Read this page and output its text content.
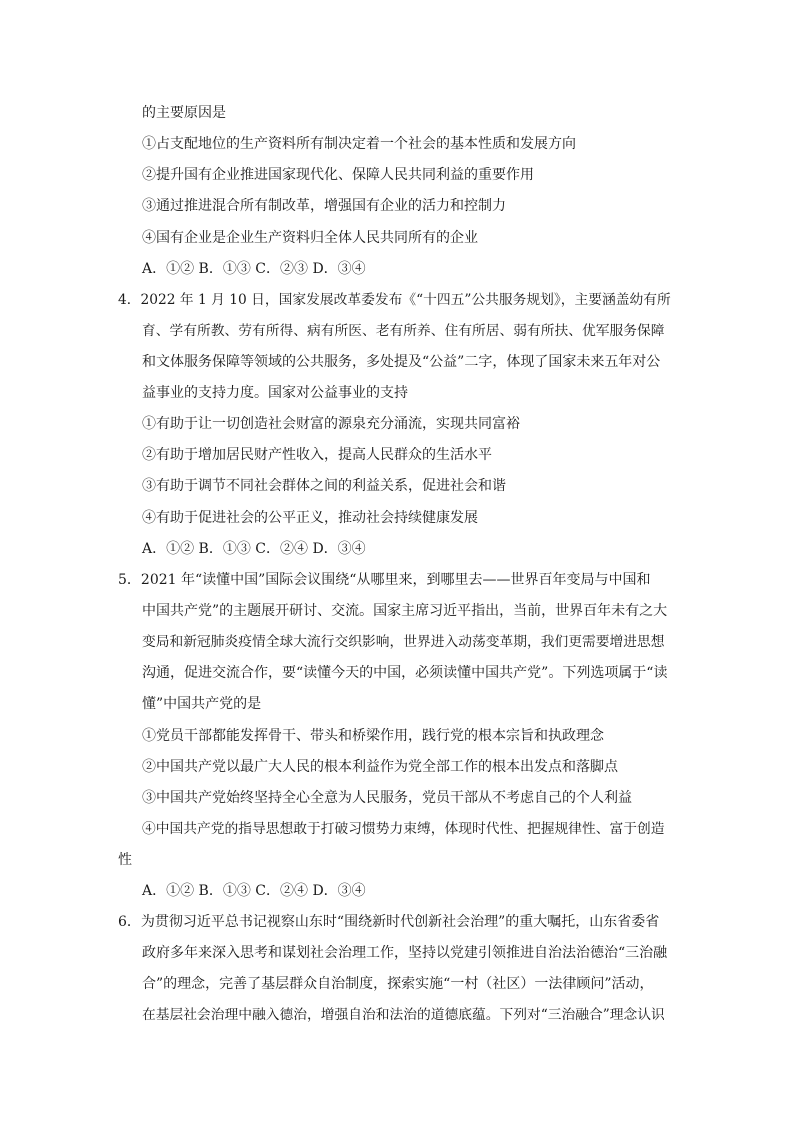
的主要原因是
①占支配地位的生产资料所有制决定着一个社会的基本性质和发展方向
②提升国有企业推进国家现代化、保障人民共同利益的重要作用
③通过推进混合所有制改革，增强国有企业的活力和控制力
④国有企业是企业生产资料归全体人民共同所有的企业
A．①② B．①③ C．②③ D．③④
4．2022 年 1 月 10 日，国家发展改革委发布《“十四五”公共服务规划》，主要涵盖幼有所
育、学有所教、劳有所得、病有所医、老有所养、住有所居、弱有所扶、优军服务保障
和文体服务保障等领域的公共服务，多处提及“公益”二字，体现了国家未来五年对公
益事业的支持力度。国家对公益事业的支持
①有助于让一切创造社会财富的源泉充分涌流，实现共同富裕
②有助于增加居民财产性收入，提高人民群众的生活水平
③有助于调节不同社会群体之间的利益关系，促进社会和谐
④有助于促进社会的公平正义，推动社会持续健康发展
A．①② B．①③ C．②④ D．③④
5．2021 年“读懂中国”国际会议围绕“从哪里来，到哪里去——世界百年变局与中国和
中国共产党”的主题展开研讨、交流。国家主席习近平指出，当前，世界百年未有之大
变局和新冠肺炎疫情全球大流行交织影响，世界进入动荡变革期，我们更需要增进思想
沟通，促进交流合作，要“读懂今天的中国，必须读懂中国共产党”。下列选项属于“读
懂”中国共产党的是
①党员干部都能发挥骨干、带头和桥梁作用，践行党的根本宗旨和执政理念
②中国共产党以最广大人民的根本利益作为党全部工作的根本出发点和落脚点
③中国共产党始终坚持全心全意为人民服务，党员干部从不考虑自己的个人利益
④中国共产党的指导思想敢于打破习惯势力束缚，体现时代性、把握规律性、富于创造
性
A．①② B．①③ C．②④ D．③④
6．为贯彻习近平总书记视察山东时“围绕新时代创新社会治理”的重大嘱托，山东省委省
政府多年来深入思考和谋划社会治理工作，坚持以党建引领推进自治法治德治“三治融
合”的理念，完善了基层群众自治制度，探索实施“一村（社区）一法律顾问”活动，
在基层社会治理中融入德治，增强自治和法治的道德底蕴。下列对“三治融合”理念认识
